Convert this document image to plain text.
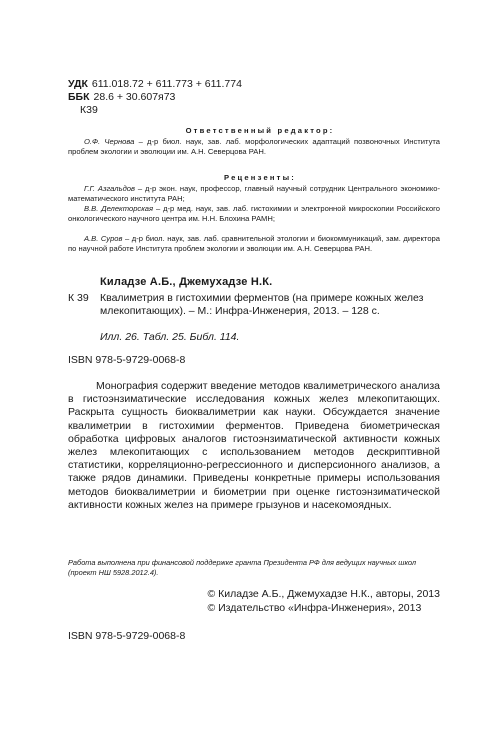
УДК 611.018.72 + 611.773 + 611.774
ББК 28.6 + 30.607я73
К39
Ответственный редактор:
О.Ф. Чернова – д-р биол. наук, зав. лаб. морфологических адаптаций позвоночных Института проблем экологии и эволюции им. А.Н. Северцова РАН.
Рецензенты:
Г.Г. Азгальдов – д-р экон. наук, профессор, главный научный сотрудник Центрального экономико-математического института РАН;
В.В. Делекторская – д-р мед. наук, зав. лаб. гистохимии и электронной микроскопии Российского онкологического научного центра им. Н.Н. Блохина РАМН;
А.В. Суров – д-р биол. наук, зав. лаб. сравнительной этологии и биокоммуникаций, зам. директора по научной работе Института проблем экологии и эволюции им. А.Н. Северцова РАН.
Киладзе А.Б., Джемухадзе Н.К.
К 39 Квалиметрия в гистохимии ферментов (на примере кожных желез млекопитающих). – М.: Инфра-Инженерия, 2013. – 128 с.
Илл. 26. Табл. 25. Библ. 114.
ISBN 978-5-9729-0068-8
Монография содержит введение методов квалиметрического анализа в гистоэнзиматические исследования кожных желез млекопитающих. Раскрыта сущность биоквалиметрии как науки. Обсуждается значение квалиметрии в гистохимии ферментов. Приведена биометрическая обработка цифровых аналогов гистоэнзиматической активности кожных желез млекопитающих с использованием методов дескриптивной статистики, корреляционно-регрессионного и дисперсионного анализов, а также рядов динамики. Приведены конкретные примеры использования методов биоквалиметрии и биометрии при оценке гистоэнзиматической активности кожных желез на примере грызунов и насекомоядных.
Работа выполнена при финансовой поддержке гранта Президента РФ для ведущих научных школ (проект НШ 5928.2012.4).
© Киладзе А.Б., Джемухадзе Н.К., авторы, 2013
© Издательство «Инфра-Инженерия», 2013
ISBN 978-5-9729-0068-8
